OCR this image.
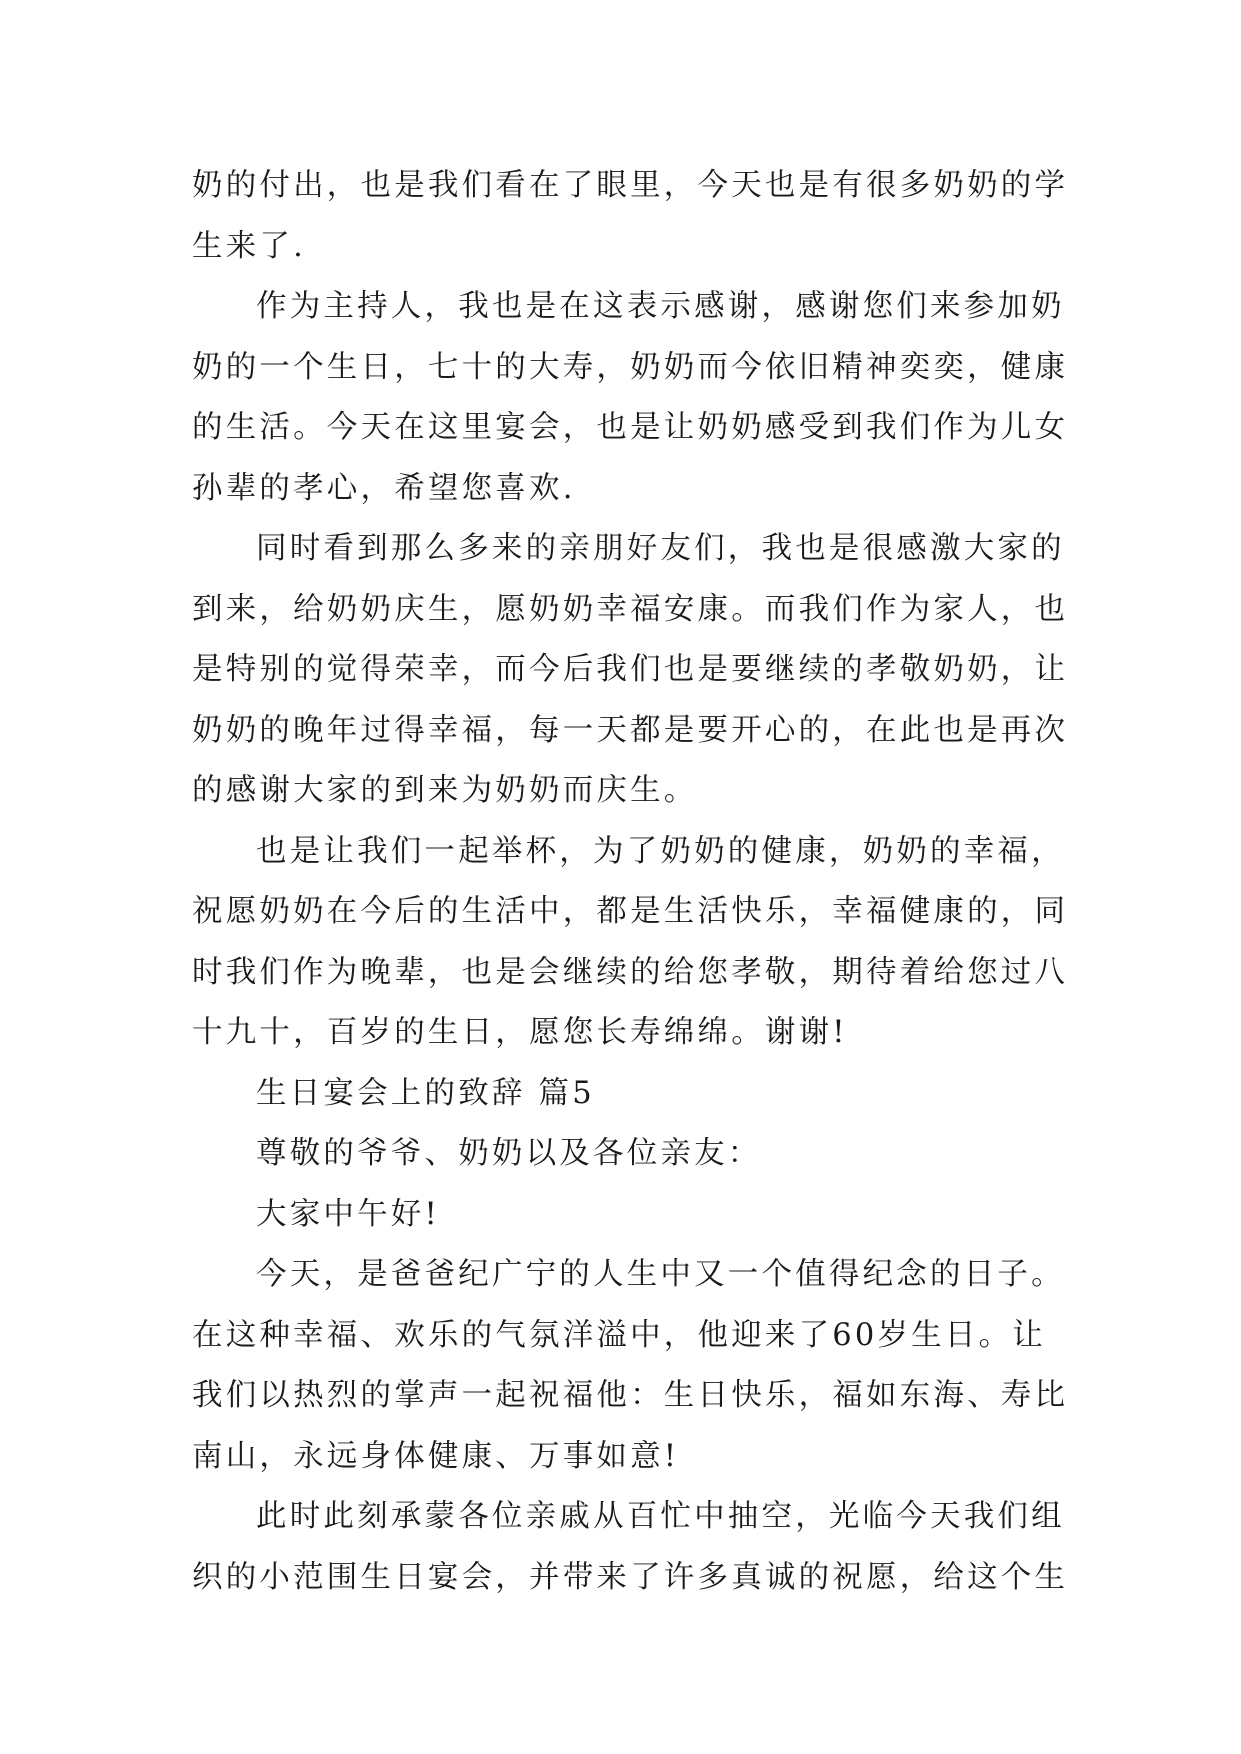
奶的付出，也是我们看在了眼里，今天也是有很多奶奶的学
生来了.
作为主持人，我也是在这表示感谢，感谢您们来参加奶
奶的一个生日，七十的大寿，奶奶而今依旧精神奕奕，健康
的生活。今天在这里宴会，也是让奶奶感受到我们作为儿女
孙辈的孝心，希望您喜欢.
同时看到那么多来的亲朋好友们，我也是很感激大家的
到来，给奶奶庆生，愿奶奶幸福安康。而我们作为家人，也
是特别的觉得荣幸，而今后我们也是要继续的孝敬奶奶，让
奶奶的晚年过得幸福，每一天都是要开心的，在此也是再次
的感谢大家的到来为奶奶而庆生。
也是让我们一起举杯，为了奶奶的健康，奶奶的幸福，
祝愿奶奶在今后的生活中，都是生活快乐，幸福健康的，同
时我们作为晚辈，也是会继续的给您孝敬，期待着给您过八
十九十，百岁的生日，愿您长寿绵绵。谢谢!
生日宴会上的致辞 篇5
尊敬的爷爷、奶奶以及各位亲友：
大家中午好!
今天，是爸爸纪广宁的人生中又一个值得纪念的日子。
在这种幸福、欢乐的气氛洋溢中，他迎来了60岁生日。让
我们以热烈的掌声一起祝福他：生日快乐，福如东海、寿比
南山，永远身体健康、万事如意!
此时此刻承蒙各位亲戚从百忙中抽空，光临今天我们组
织的小范围生日宴会，并带来了许多真诚的祝愿，给这个生
